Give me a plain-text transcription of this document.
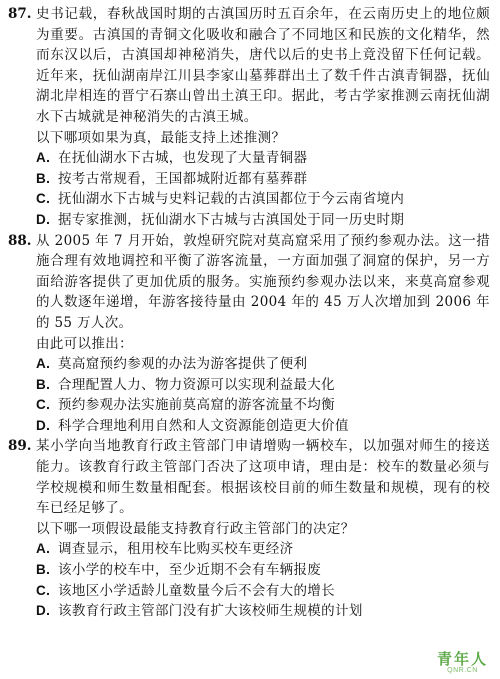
87. 史书记载，春秋战国时期的古滇国历时五百余年，在云南历史上的地位颇为重要。古滇国的青铜文化吸收和融合了不同地区和民族的文化精华，然而东汉以后，古滇国却神秘消失，唐代以后的史书上竟没留下任何记载。近年来，抚仙湖南岸江川县李家山墓葬群出土了数千件古滇青铜器，抚仙湖北岸相连的晋宁石寨山曾出土滇王印。据此，考古学家推测云南抚仙湖水下古城就是神秘消失的古滇王城。

以下哪项如果为真，最能支持上述推测？

A. 在抚仙湖水下古城，也发现了大量青铜器
B. 按考古常规看，王国都城附近都有墓葬群
C. 抚仙湖水下古城与史料记载的古滇国都位于今云南省境内
D. 据专家推测，抚仙湖水下古城与古滇国处于同一历史时期
88. 从 2005 年 7 月开始，敦煌研究院对莫高窟采用了预约参观办法。这一措施合理有效地调控和平衡了游客流量，一方面加强了洞窟的保护，另一方面给游客提供了更加优质的服务。实施预约参观办法以来，来莫高窟参观的人数逐年递增，年游客接待量由 2004 年的 45 万人次增加到 2006 年的 55 万人次。

由此可以推出：

A. 莫高窟预约参观的办法为游客提供了便利
B. 合理配置人力、物力资源可以实现利益最大化
C. 预约参观办法实施前莫高窟的游客流量不均衡
D. 科学合理地利用自然和人文资源能创造更大价值
89. 某小学向当地教育行政主管部门申请增购一辆校车，以加强对师生的接送能力。该教育行政主管部门否决了这项申请，理由是：校车的数量必须与学校规模和师生数量相配套。根据该校目前的师生数量和规模，现有的校车已经足够了。

以下哪一项假设最能支持教育行政主管部门的决定？

A. 调查显示，租用校车比购买校车更经济
B. 该小学的校车中，至少近期不会有车辆报废
C. 该地区小学适龄儿童数量今后不会有大的增长
D. 该教育行政主管部门没有扩大该校师生规模的计划
青年人
QNR.CN
